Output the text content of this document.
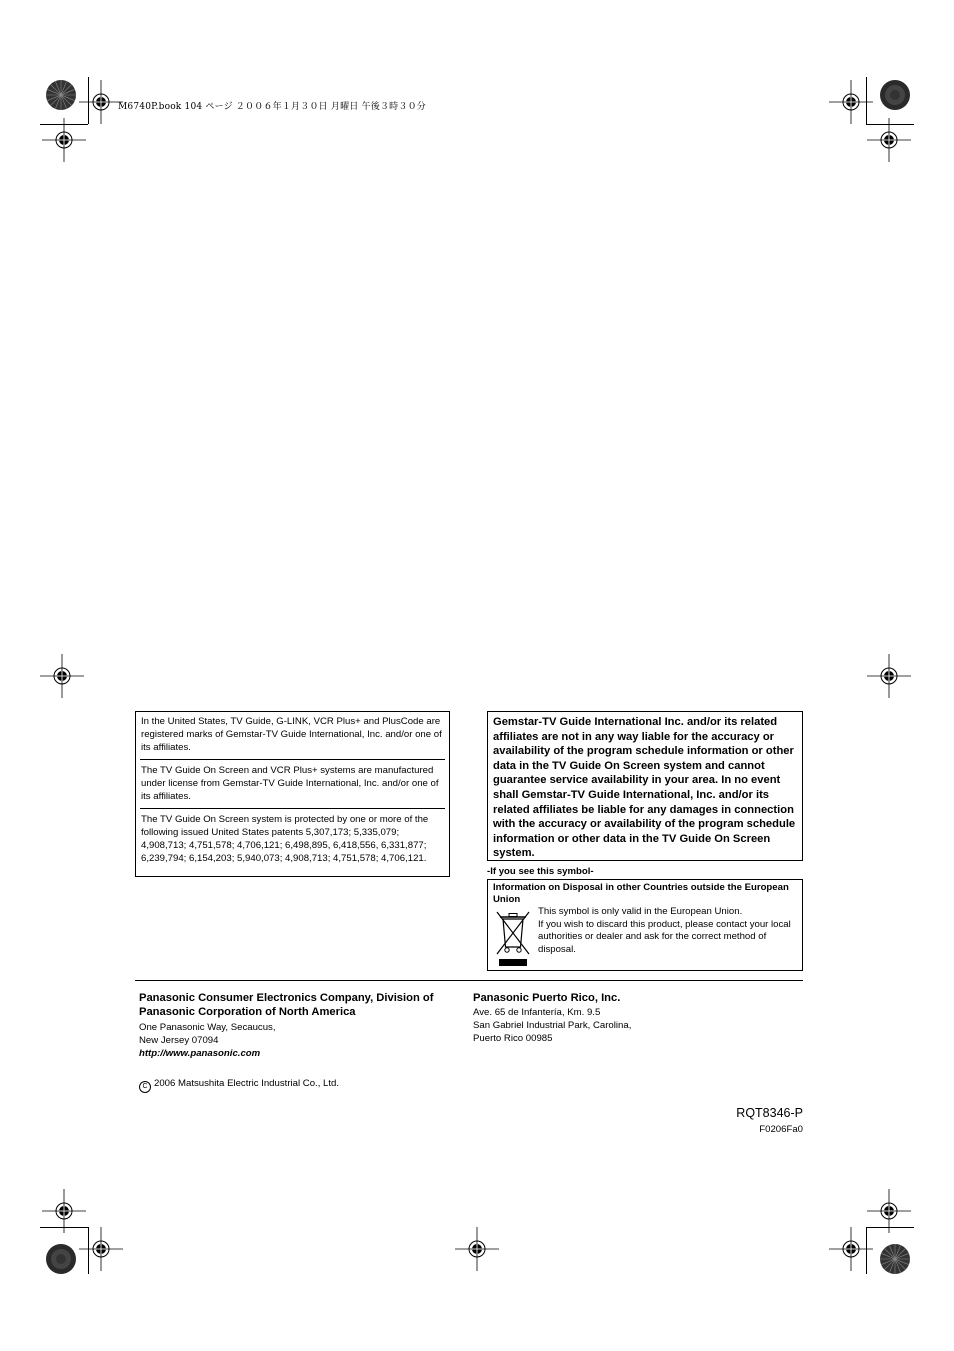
M6740P.book 104 ページ ２００６年１月３０日 月曜日 午後３時３０分
In the United States, TV Guide, G-LINK, VCR Plus+ and PlusCode are registered marks of Gemstar-TV Guide International, Inc. and/or one of its affiliates.
The TV Guide On Screen and VCR Plus+ systems are manufactured under license from Gemstar-TV Guide International, Inc. and/or one of its affiliates.
The TV Guide On Screen system is protected by one or more of the following issued United States patents 5,307,173; 5,335,079; 4,908,713; 4,751,578; 4,706,121; 6,498,895, 6,418,556, 6,331,877; 6,239,794; 6,154,203; 5,940,073; 4,908,713; 4,751,578; 4,706,121.
Gemstar-TV Guide International Inc. and/or its related affiliates are not in any way liable for the accuracy or availability of the program schedule information or other data in the TV Guide On Screen system and cannot guarantee service availability in your area. In no event shall Gemstar-TV Guide International, Inc. and/or its related affiliates be liable for any damages in connection with the accuracy or availability of the program schedule information or other data in the TV Guide On Screen system.
-If you see this symbol-
Information on Disposal in other Countries outside the European Union
This symbol is only valid in the European Union.
If you wish to discard this product, please contact your local authorities or dealer and ask for the correct method of disposal.
Panasonic Consumer Electronics Company, Division of Panasonic Corporation of North America
One Panasonic Way, Secaucus,
New Jersey 07094
http://www.panasonic.com
Panasonic Puerto Rico, Inc.
Ave. 65 de Infantería, Km. 9.5
San Gabriel Industrial Park, Carolina,
Puerto Rico 00985
C 2006 Matsushita Electric Industrial Co., Ltd.
RQT8346-P
F0206Fa0
